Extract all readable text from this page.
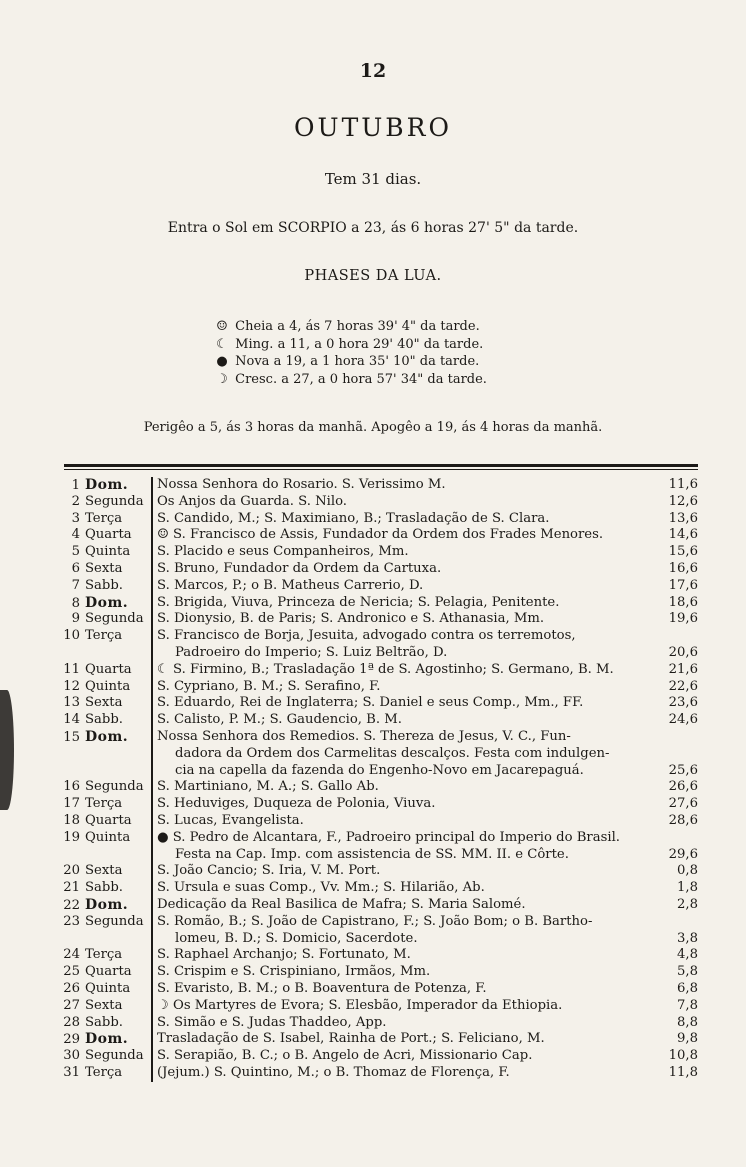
12
OUTUBRO
Tem 31 dias.
Entra o Sol em SCORPIO a 23, ás 6 horas 27' 5" da tarde.
PHASES DA LUA.
☺ Cheia a 4, ás 7 horas 39' 4" da tarde.
☾ Ming. a 11, a 0 hora 29' 40" da tarde.
● Nova a 19, a 1 hora 35' 10" da tarde.
☽ Cresc. a 27, a 0 hora 57' 34" da tarde.
Perigêo a 5, ás 3 horas da manhã. Apogêo a 19, ás 4 horas da manhã.
1 Dom.	Nossa Senhora do Rosario. S. Verissimo M.	11,6
2 Segunda	Os Anjos da Guarda. S. Nilo.	12,6
3 Terça	S. Candido, M.; S. Maximiano, B.; Trasladação de S. Clara.	13,6
4 Quarta	☺ S. Francisco de Assis, Fundador da Ordem dos Frades Menores.	14,6
5 Quinta	S. Placido e seus Companheiros, Mm.	15,6
6 Sexta	S. Bruno, Fundador da Ordem da Cartuxa.	16,6
7 Sabb.	S. Marcos, P.; o B. Matheus Carrerio, D.	17,6
8 Dom.	S. Brigida, Viuva, Princeza de Nericia; S. Pelagia, Penitente.	18,6
9 Segunda	S. Dionysio, B. de Paris; S. Andronico e S. Athanasia, Mm.	19,6
10 Terça	S. Francisco de Borja, Jesuita, advogado contra os terremotos,
Padroeiro do Imperio; S. Luiz Beltrão, D.	20,6
11 Quarta	☾ S. Firmino, B.; Trasladação 1ª de S. Agostinho; S. Germano, B. M.	21,6
12 Quinta	S. Cypriano, B. M.; S. Serafino, F.	22,6
13 Sexta	S. Eduardo, Rei de Inglaterra; S. Daniel e seus Comp., Mm., FF.	23,6
14 Sabb.	S. Calisto, P. M.; S. Gaudencio, B. M.	24,6
15 Dom.	Nossa Senhora dos Remedios. S. Thereza de Jesus, V. C., Fun-
dadora da Ordem dos Carmelitas descalços. Festa com indulgen-
cia na capella da fazenda do Engenho-Novo em Jacarepaguá.	25,6
16 Segunda	S. Martiniano, M. A.; S. Gallo Ab.	26,6
17 Terça	S. Heduviges, Duqueza de Polonia, Viuva.	27,6
18 Quarta	S. Lucas, Evangelista.	28,6
19 Quinta	● S. Pedro de Alcantara, F., Padroeiro principal do Imperio do Brasil.
Festa na Cap. Imp. com assistencia de SS. MM. II. e Côrte.	29,6
20 Sexta	S. João Cancio; S. Iria, V. M. Port.	0,8
21 Sabb.	S. Ursula e suas Comp., Vv. Mm.; S. Hilarião, Ab.	1,8
22 Dom.	Dedicação da Real Basilica de Mafra; S. Maria Salomé.	2,8
23 Segunda	S. Romão, B.; S. João de Capistrano, F.; S. João Bom; o B. Bartho-
lomeu, B. D.; S. Domicio, Sacerdote.	3,8
24 Terça	S. Raphael Archanjo; S. Fortunato, M.	4,8
25 Quarta	S. Crispim e S. Crispiniano, Irmãos, Mm.	5,8
26 Quinta	S. Evaristo, B. M.; o B. Boaventura de Potenza, F.	6,8
27 Sexta	☽ Os Martyres de Evora; S. Elesbão, Imperador da Ethiopia.	7,8
28 Sabb.	S. Simão e S. Judas Thaddeo, App.	8,8
29 Dom.	Trasladação de S. Isabel, Rainha de Port.; S. Feliciano, M.	9,8
30 Segunda	S. Serapião, B. C.; o B. Angelo de Acri, Missionario Cap.	10,8
31 Terça	(Jejum.) S. Quintino, M.; o B. Thomaz de Florença, F.	11,8
